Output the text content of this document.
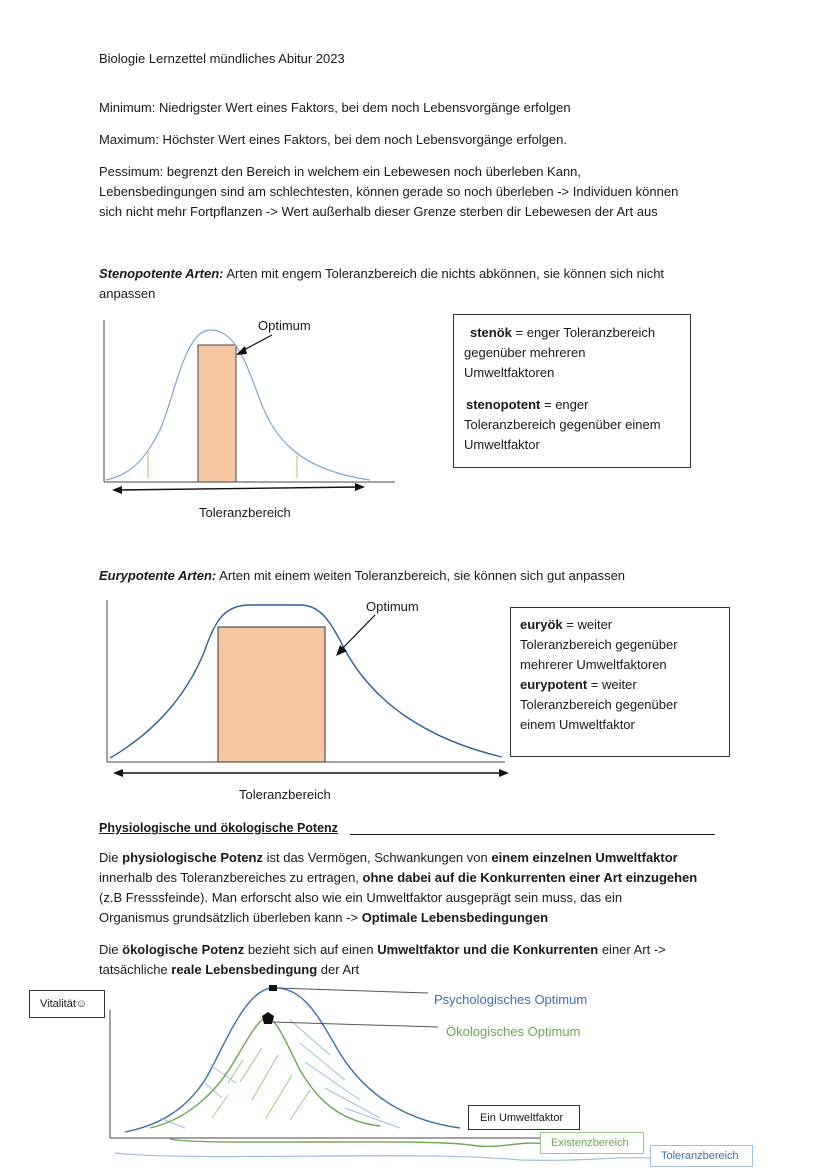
Biologie Lernzettel mündliches Abitur 2023
Minimum: Niedrigster Wert eines Faktors, bei dem noch Lebensvorgänge erfolgen
Maximum: Höchster Wert eines Faktors, bei dem noch Lebensvorgänge erfolgen.
Pessimum: begrenzt den Bereich in welchem ein Lebewesen noch überleben Kann,
Lebensbedingungen sind am schlechtesten, können gerade so noch überleben -> Individuen können
sich nicht mehr Fortpflanzen -> Wert außerhalb dieser Grenze sterben dir Lebewesen der Art aus
Stenopotente Arten: Arten mit engem Toleranzbereich die nichts abkönnen, sie können sich nicht
anpassen
Optimum
Toleranzbereich

stenök = enger Toleranzbereich

gegenüber mehreren

Umweltfaktoren

stenopotent = enger

Toleranzbereich gegenüber einem

Umweltfaktor

Eurypotente Arten: Arten mit einem weiten Toleranzbereich, sie können sich gut anpassen
Optimum
Toleranzbereich

euryök = weiter

Toleranzbereich gegenüber

mehrerer Umweltfaktoren

eurypotent = weiter

Toleranzbereich gegenüber

einem Umweltfaktor

Physiologische und ökologische Potenz
Die physiologische Potenz ist das Vermögen, Schwankungen von einem einzelnen Umweltfaktor
innerhalb des Toleranzbereiches zu ertragen, ohne dabei auf die Konkurrenten einer Art einzugehen
(z.B Fresssfeinde). Man erforscht also wie ein Umweltfaktor ausgeprägt sein muss, das ein
Organismus grundsätzlich überleben kann -> Optimale Lebensbedingungen
Die ökologische Potenz bezieht sich auf einen Umweltfaktor und die Konkurrenten einer Art ->
tatsächliche reale Lebensbedingung der Art
Vitalität☺	Psychologisches Optimum
Ökologisches Optimum
Ein Umweltfaktor
Existenzbereich
Toleranzbereich
